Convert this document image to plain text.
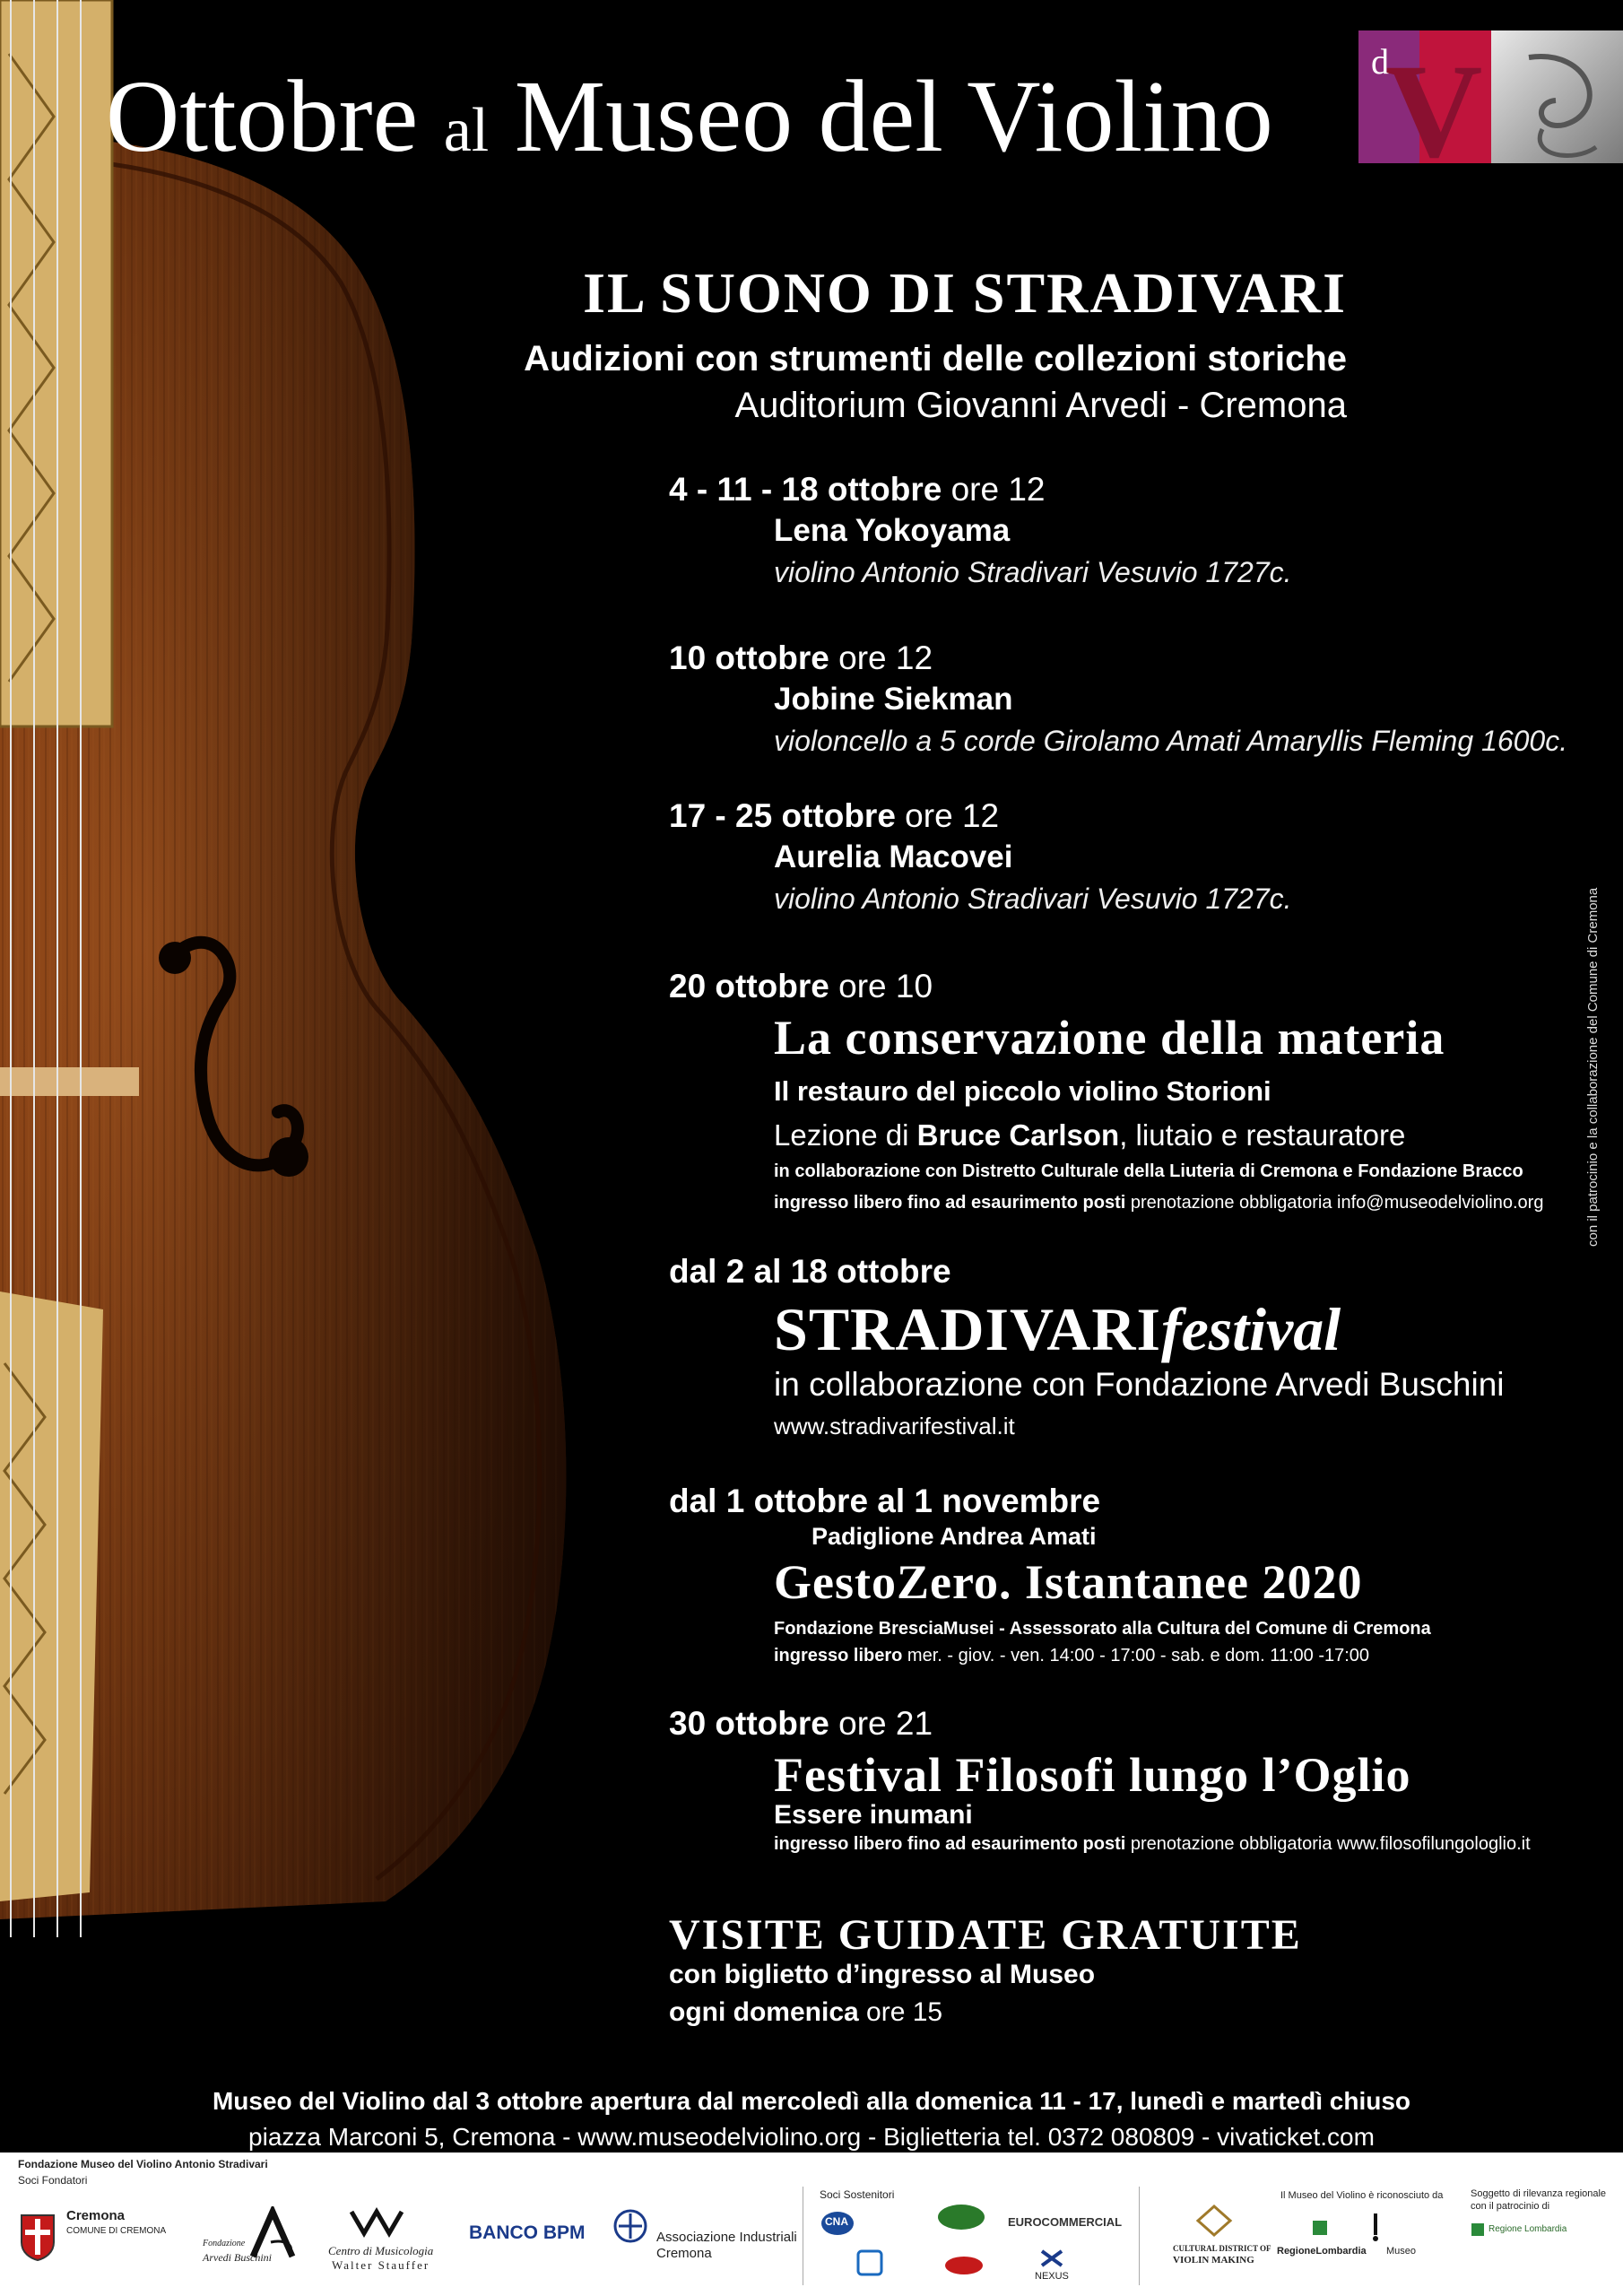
Ottobre al Museo del Violino	d
V
IL SUONO DI STRADIVARI
Audizioni con strumenti delle collezioni storiche
Auditorium Giovanni Arvedi - Cremona
4 - 11 - 18 ottobre ore 12
Lena Yokoyama
violino Antonio Stradivari Vesuvio 1727c.
10 ottobre ore 12
Jobine Siekman
violoncello a 5 corde Girolamo Amati Amaryllis Fleming 1600c.
17 - 25 ottobre ore 12
Aurelia Macovei
violino Antonio Stradivari Vesuvio 1727c.
20 ottobre ore 10
La conservazione della materia
Il restauro del piccolo violino Storioni
Lezione di Bruce Carlson, liutaio e restauratore
in collaborazione con Distretto Culturale della Liuteria di Cremona e Fondazione Bracco
ingresso libero fino ad esaurimento posti prenotazione obbligatoria info@museodelviolino.org
dal 2 al 18 ottobre
STRADIVARIfestival
in collaborazione con Fondazione Arvedi Buschini
www.stradivarifestival.it
dal 1 ottobre al 1 novembre
Padiglione Andrea Amati
GestoZero. Istantanee 2020
Fondazione BresciaMusei - Assessorato alla Cultura del Comune di Cremona
ingresso libero mer. - giov. - ven. 14:00 - 17:00 - sab. e dom. 11:00 -17:00
30 ottobre ore 21
Festival Filosofi lungo l’Oglio
Essere inumani
ingresso libero fino ad esaurimento posti prenotazione obbligatoria www.filosofilungologlio.it
VISITE GUIDATE GRATUITE
con biglietto d’ingresso al Museo
ogni domenica ore 15
con il patrocinio e la collaborazione del Comune di Cremona
Museo del Violino dal 3 ottobre apertura dal mercoledì alla domenica 11 - 17, lunedì e martedì chiuso
piazza Marconi 5, Cremona - www.museodelviolino.org - Biglietteria tel. 0372 080809 - vivaticket.com
Fondazione Museo del Violino Antonio Stradivari
Soci Fondatori
Cremona
COMUNE DI CREMONA
Fondazione
Arvedi Buschini	Centro di Musicologia
Walter Stauffer
BANCO BPM	Associazione Industriali
Cremona
Soci Sostenitori
CNA	EUROCOMMERCIAL
NEXUS
Il Museo del Violino è riconosciuto da
CULTURAL DISTRICT OF
VIOLIN MAKING
RegioneLombardia Museo
Soggetto di rilevanza regionale
con il patrocinio di
Regione Lombardia
